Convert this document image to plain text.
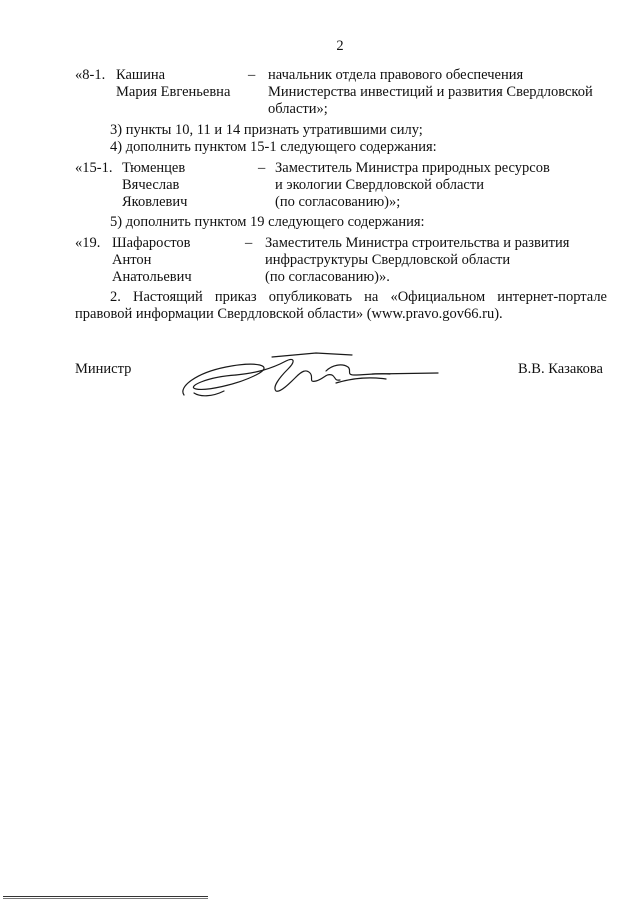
2
«8-1. Кашина
Мария Евгеньевна
– начальник отдела правового обеспечения
Министерства инвестиций и развития Свердловской
области»;
3) пункты 10, 11 и 14 признать утратившими силу;
4) дополнить пунктом 15-1 следующего содержания:
«15-1. Тюменцев
Вячеслав
Яковлевич
– Заместитель Министра природных ресурсов
и экологии Свердловской области
(по согласованию)»;
5) дополнить пунктом 19 следующего содержания:
«19. Шафаростов
Антон
Анатольевич
– Заместитель Министра строительства и развития
инфраструктуры Свердловской области
(по согласованию)».
2. Настоящий приказ опубликовать на «Официальном интернет-портале
правовой информации Свердловской области» (www.pravo.gov66.ru).
Министр	В.В. Казакова
